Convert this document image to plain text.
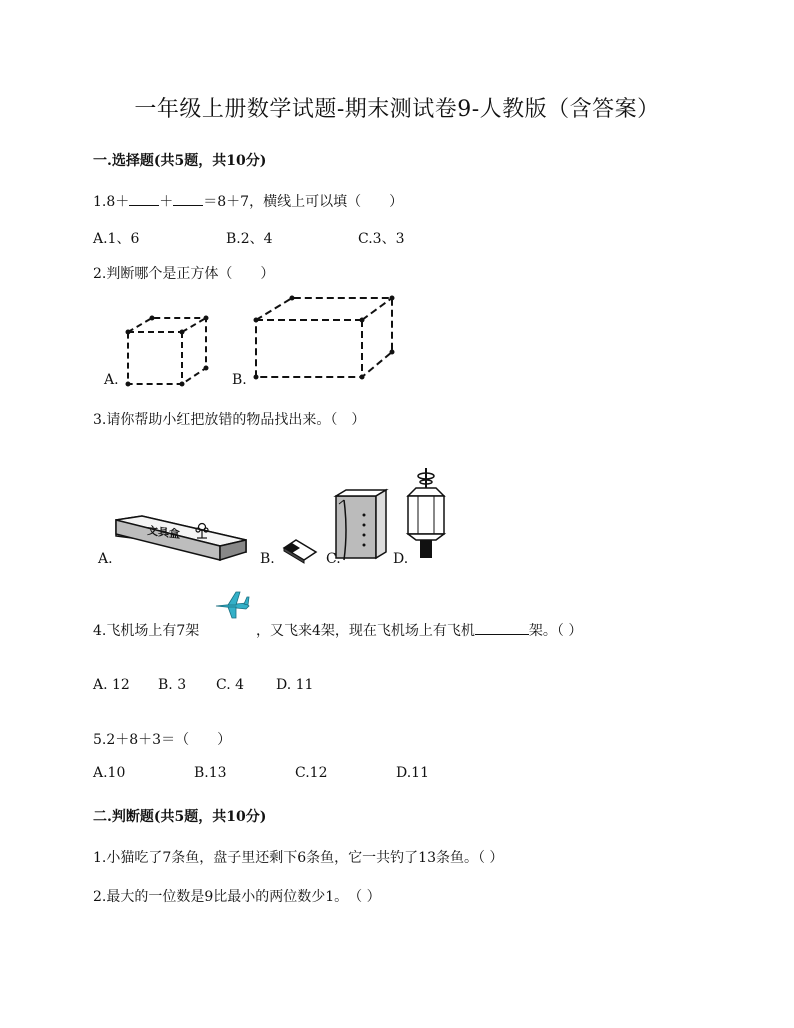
一年级上册数学试题-期末测试卷9-人教版（含答案）
一.选择题(共5题，共10分)
1.8＋ ＋ ＝8＋7，横线上可以填（　　）
A.1、6	B.2、4	C.3、3
2.判断哪个是正方体（　　）
A.	B.
3.请你帮助小红把放错的物品找出来。（　）
文具盒
A.	B.	C.	D.
4.飞机场上有7架	，又飞来4架，现在飞机场上有飞机	架。（ ）
A. 12 B. 3 C. 4 D. 11
5.2＋8＋3＝（　　）
A.10	B.13	C.12	D.11
二.判断题(共5题，共10分)
1.小猫吃了7条鱼，盘子里还剩下6条鱼，它一共钓了13条鱼。（ ）
2.最大的一位数是9比最小的两位数少1。　（ ）
